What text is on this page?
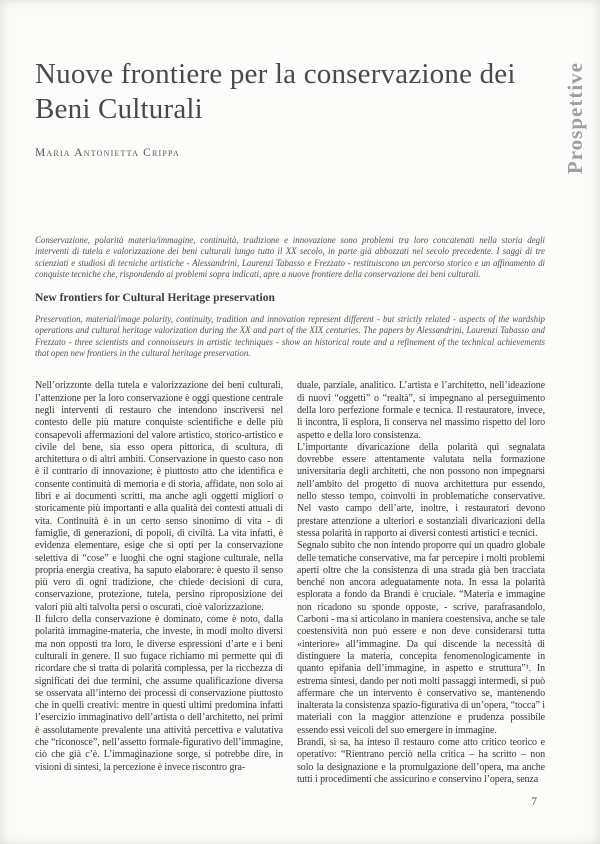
Nuove frontiere per la conservazione dei Beni Culturali
Maria Antonietta Crippa

Conservazione, polarità materia/immagine, continuità, tradizione e innovazione sono problemi tra loro concatenati nella storia degli interventi di tutela e valorizzazione dei beni culturali lungo tutto il XX secolo, in parte già abbozzati nel secolo precedente. I saggi di tre scienziati e studiosi di tecniche artistiche - Alessandrini, Laurenzi Tabasso e Frezzato - restituiscono un percorso storico e un affinamento di conquiste tecniche che, rispondendo ai problemi sopra indicati, apre a nuove frontiere della conservazione dei beni culturali.

New frontiers for Cultural Heritage preservation

Preservation, material/image polarity, continuity, tradition and innovation represent different - but strictly related - aspects of the wardship operations and cultural heritage valorization during the XX and part of the XIX centuries. The papers by Alessandrini, Laurenzi Tabasso and Frezzato - three scientists and connoisseurs in artistic techniques - show an historical route and a refinement of the technical achievements that open new frontiers in the cultural heritage preservation.

Nell’orizzonte della tutela e valorizzazione dei beni culturali, l’attenzione per la loro conservazione è oggi questione centrale negli interventi di restauro che intendono inscriversi nel contesto delle più mature conquiste scientifiche e delle più consapevoli affermazioni del valore artistico, storico-artistico e civile del bene, sia esso opera pittorica, di scultura, di architettura o di altri ambiti. Conservazione in questo caso non è il contrario di innovazione; è piuttosto atto che identifica e consente continuità di memoria e di storia, affidate, non solo ai libri e ai documenti scritti, ma anche agli oggetti migliori o storicamente più importanti e alla qualità dei contesti attuali di vita. Continuità è in un certo senso sinonimo di vita - di famiglie, di generazioni, di popoli, di civiltà. La vita infatti, è evidenza elementare, esige che si opti per la conservazione selettiva di “cose” e luoghi che ogni stagione culturale, nella propria energia creativa, ha saputo elaborare: è questo il senso più vero di ogni tradizione, che chiede decisioni di cura, conservazione, protezione, tutela, persino riproposizione dei valori più alti talvolta persi o oscurati, cioè valorizzazione.

Il fulcro della conservazione è dominato, come è noto, dalla polarità immagine-materia, che investe, in modi molto diversi ma non opposti tra loro, le diverse espressioni d’arte e i beni culturali in genere. Il suo fugace richiamo mi permette qui di ricordare che si tratta di polarità complessa, per la ricchezza di significati dei due termini, che assume qualificazione diversa se osservata all’interno dei processi di conservazione piuttosto che in quelli creativi: mentre in questi ultimi predomina infatti l’esercizio immaginativo dell’artista o dell’architetto, nei primi è assolutamente prevalente una attività percettiva e valutativa che “riconosce”, nell’assetto formale-figurativo dell’immagine, ciò che già c’è. L’immaginazione sorge, si potrebbe dire, in visioni di sintesi, la percezione è invece riscontro gra-

duale, parziale, analitico. L’artista e l’architetto, nell’ideazione di nuovi “oggetti” o “realtà”, si impegnano al perseguimento della loro perfezione formale e tecnica. Il restauratore, invece, li incontra, li esplora, li conserva nel massimo rispetto del loro aspetto e della loro consistenza.

L’importante divaricazione della polarità qui segnalata dovrebbe essere attentamente valutata nella formazione universitaria degli architetti, che non possono non impegnarsi nell’ambito del progetto di nuova architettura pur essendo, nello stesso tempo, coinvolti in problematiche conservative. Nel vasto campo dell’arte, inoltre, i restauratori devono prestare attenzione a ulteriori e sostanziali divaricazioni della stessa polarità in rapporto ai diversi contesti artistici e tecnici.

Segnalo subito che non intendo proporre qui un quadro globale delle tematiche conservative, ma far percepire i molti problemi aperti oltre che la consistenza di una strada già ben tracciata benché non ancora adeguatamente nota. In essa la polarità esplorata a fondo da Brandi è cruciale. “Materia e immagine non ricadono su sponde opposte, - scrive, parafrasandolo, Carboni - ma si articolano in maniera coestensiva, anche se tale coestensività non può essere e non deve considerarsi tutta «interiore» all’immagine. Da qui discende la necessità di distinguere la materia, concepita fenomenologicamente in quanto epifania dell’immagine, in aspetto e struttura”¹. In estrema sintesi, dando per noti molti passaggi intermedi, si può affermare che un intervento è conservativo se, mantenendo inalterata la consistenza spazio-figurativa di un’opera, “tocca” i materiali con la maggior attenzione e prudenza possibile essendo essi veicoli del suo emergere in immagine.

Brandi, si sa, ha inteso il restauro come atto critico teorico e operativo: “Rientrano perciò nella critica – ha scritto – non solo la designazione e la promulgazione dell’opera, ma anche tutti i procedimenti che assicurino e conservino l’opera, senza

Prospettive
7
